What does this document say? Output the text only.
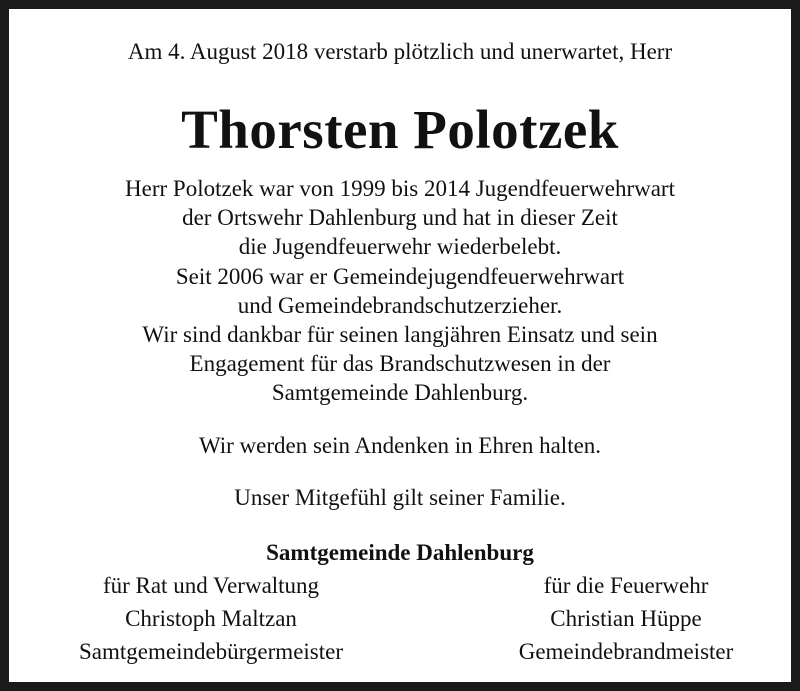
Am 4. August 2018 verstarb plötzlich und unerwartet, Herr
Thorsten Polotzek
Herr Polotzek war von 1999 bis 2014 Jugendfeuerwehrwart
der Ortswehr Dahlenburg und hat in dieser Zeit
die Jugendfeuerwehr wiederbelebt.
Seit 2006 war er Gemeindejugendfeuerwehrwart
und Gemeindebrandschutzerzieher.
Wir sind dankbar für seinen langjähren Einsatz und sein
Engagement für das Brandschutzwesen in der
Samtgemeinde Dahlenburg.
Wir werden sein Andenken in Ehren halten.
Unser Mitgefühl gilt seiner Familie.
Samtgemeinde Dahlenburg
für Rat und Verwaltung
Christoph Maltzan
Samtgemeindebürgermeister
für die Feuerwehr
Christian Hüppe
Gemeindebrandmeister
